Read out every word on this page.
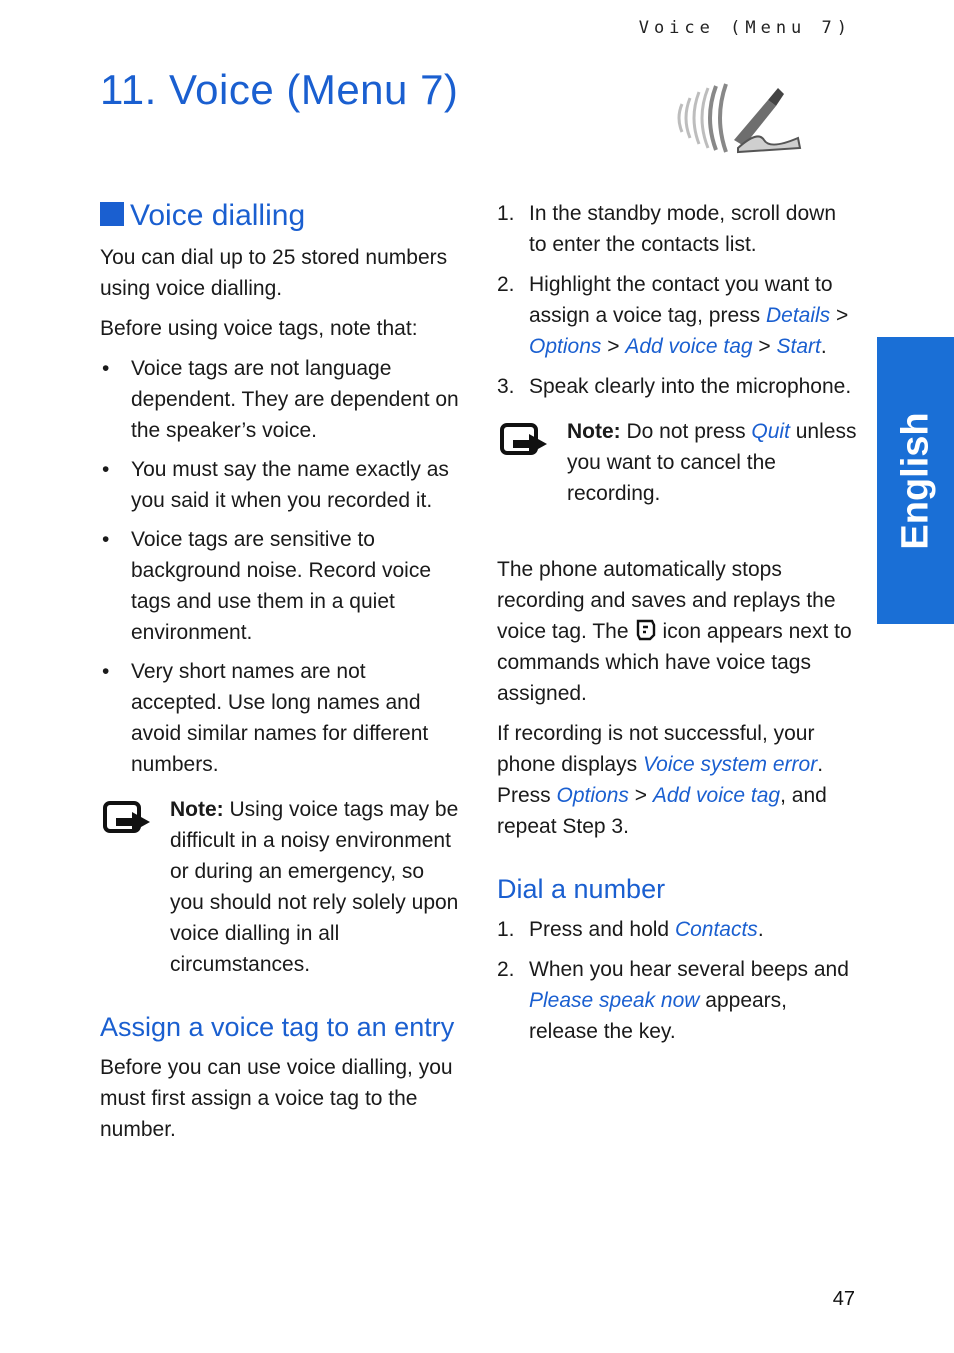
Voice (Menu 7)
11. Voice (Menu 7)
English
Voice dialling

You can dial up to 25 stored numbers using voice dialling.

Before using voice tags, note that:

• Voice tags are not language dependent. They are dependent on the speaker’s voice.
• You must say the name exactly as you said it when you recorded it.
• Voice tags are sensitive to background noise. Record voice tags and use them in a quiet environment.
• Very short names are not accepted. Use long names and avoid similar names for different numbers.
Note: Using voice tags may be difficult in a noisy environment or during an emergency, so you should not rely solely upon voice dialling in all circumstances.
Assign a voice tag to an entry

Before you can use voice dialling, you must first assign a voice tag to the number.

1. In the standby mode, scroll down to enter the contacts list.
2. Highlight the contact you want to assign a voice tag, press Details > Options > Add voice tag > Start.
3. Speak clearly into the microphone.
Note: Do not press Quit unless you want to cancel the recording.

The phone automatically stops recording and saves and replays the voice tag. The icon appears next to commands which have voice tags assigned.

If recording is not successful, your phone displays Voice system error. Press Options > Add voice tag, and repeat Step 3.

Dial a number
1. Press and hold Contacts.
2. When you hear several beeps and Please speak now appears, release the key.
47
